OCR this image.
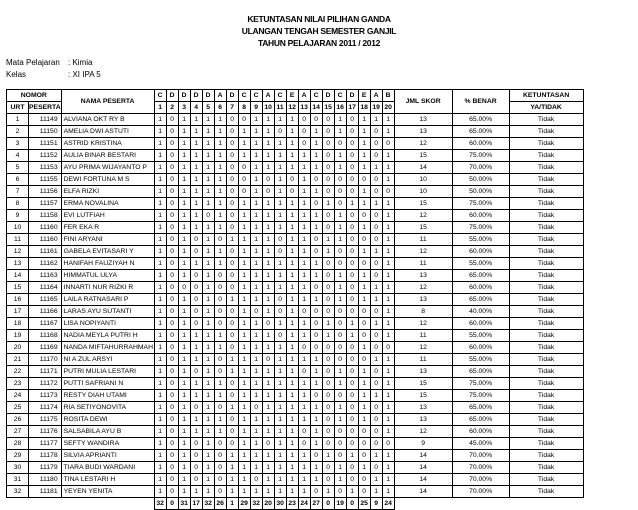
KETUNTASAN NILAI PILIHAN GANDA
ULANGAN TENGAH SEMESTER GANJIL
TAHUN PELAJARAN 2011 / 2012
Mata Pelajaran : Kimia
Kelas	: XI IPA 5
NOMOR		NAMA PESERTA	C	D	D	D	D	A	D	C	C	A	C	E	A	C	D	C	D	E	A	B	JML SKOR	% BENAR	KETUNTASAN
URT	PESERTA		1	2	3	4	5	6	7	8	9	10	11	12	13	14	15	16	17	18	19	20			YA/TIDAK
1	11149	ALVIANA OKT RY B	1	0	1	1	1	1	0	0	1	1	1	1	0	0	0	1	0	1	1	1	13	65.00%	Tidak
2	11150	AMELIA DWI ASTUTI	1	0	1	1	1	1	0	1	1	1	0	1	0	1	0	1	0	1	0	1	13	65.00%	Tidak
3	11151	ASTRID KRISTINA	1	0	1	1	1	1	0	1	1	1	1	1	0	1	0	0	0	1	0	0	12	60.00%	Tidak
4	11152	AULIA BINAR BESTARI	1	0	1	1	1	1	0	1	1	1	1	1	1	1	0	1	0	1	0	1	15	75.00%	Tidak
5	11153	AYU PRIMA WIJAYANTO P	1	0	1	1	1	1	0	0	1	1	1	1	1	1	0	1	0	1	1	1	14	70.00%	Tidak
6	11155	DEWI FORTUNA M S	1	0	1	1	1	1	0	0	1	0	1	0	1	0	0	0	0	0	0	1	10	50.00%	Tidak
7	11156	ELFA RIZKI	1	0	1	1	1	1	0	0	1	0	1	0	1	1	0	0	0	1	0	0	10	50.00%	Tidak
8	11157	ERMA NOVALINA	1	0	1	1	1	1	0	1	1	1	1	1	1	0	1	0	1	1	1	1	15	75.00%	Tidak
9	11158	EVI LUTFIAH	1	0	1	1	0	1	0	1	1	1	1	1	1	1	0	1	0	0	0	1	12	60.00%	Tidak
10	11160	FER EKA R	1	0	1	1	1	1	0	1	1	1	1	1	1	1	0	1	0	1	0	1	15	75.00%	Tidak
11	11160	FINI ARYANI	1	0	1	0	1	0	1	1	1	1	0	1	1	0	1	1	0	0	0	1	11	55.00%	Tidak
12	11161	GABELA EVITASARI Y	1	0	1	0	1	1	0	1	1	1	0	1	1	0	1	0	0	1	1	1	12	60.00%	Tidak
13	11162	HANIFAH FAUZIYAH N	1	0	1	1	1	1	0	1	1	1	1	1	1	1	0	0	0	0	0	1	11	55.00%	Tidak
14	11163	HIMMATUL ULYA	1	0	1	0	1	0	0	1	1	1	1	1	1	1	0	1	0	1	0	1	13	65.00%	Tidak
15	11164	INNARTI NUR RIZKI R	1	0	0	0	1	0	0	1	1	1	1	1	1	0	0	1	0	1	1	1	12	60.00%	Tidak
16	11165	LAILA RATNASARI P	1	0	1	0	1	0	1	1	1	1	0	1	1	1	0	1	0	1	1	1	13	65.00%	Tidak
17	11166	LARAS AYU SUTANTI	1	0	1	0	1	0	0	1	0	1	0	1	0	0	0	0	0	0	0	1	8	40.00%	Tidak
18	11167	LISA NOPIYANTI	1	0	1	0	1	0	0	1	1	0	1	1	1	0	1	0	1	0	1	1	12	60.00%	Tidak
19	11168	NADIA MEYLA PUTRI H	1	0	1	1	1	1	0	1	1	1	0	1	1	0	1	0	1	0	0	1	11	55.00%	Tidak
20	11169	NANDA MIFTAHURRAHMAH	1	0	1	1	1	1	0	1	1	1	1	1	0	0	0	0	0	1	0	0	12	60.00%	Tidak
21	11170	NI A ZUL ARSYI	1	0	1	1	1	0	1	1	1	0	1	1	1	1	0	0	0	0	1	1	11	55.00%	Tidak
22	11171	PUTRI MULIA LESTARI	1	0	1	0	1	0	1	1	1	1	1	1	0	1	0	1	0	1	0	1	13	65.00%	Tidak
23	11172	PUTTI SAFRIANI N	1	0	1	1	1	1	0	1	1	1	1	1	1	1	0	1	0	1	0	1	15	75.00%	Tidak
24	11173	RESTY DIAH UTAMI	1	0	1	1	1	1	0	1	1	1	1	1	1	0	0	0	0	1	1	1	15	75.00%	Tidak
25	11174	RIA SETIYONOVITA	1	0	1	0	1	0	1	1	0	1	1	1	1	1	0	1	0	1	0	1	13	65.00%	Tidak
26	11175	ROSITA DEWI	1	0	1	1	1	1	0	1	1	1	1	1	1	1	0	1	0	1	0	1	13	65.00%	Tidak
27	11176	SALSABILA AYU B	1	0	1	1	1	1	0	1	1	1	1	1	0	1	0	0	0	0	0	1	12	60.00%	Tidak
28	11177	SEFTY WANDIRA	1	0	1	0	1	0	0	1	1	0	1	1	0	1	0	0	0	0	0	0	9	45.00%	Tidak
29	11178	SILVIA APRIANTI	1	0	1	0	1	0	1	1	1	1	1	1	1	0	1	0	1	0	1	1	14	70.00%	Tidak
30	11179	TIARA BUDI WARDANI	1	0	1	0	1	0	1	1	1	1	1	1	1	1	0	1	0	1	0	1	14	70.00%	Tidak
31	11180	TINA LESTARI H	1	0	1	0	1	0	1	1	0	1	1	1	1	1	0	1	0	0	1	1	14	70.00%	Tidak
32	11181	YEYEN YENITA	1	0	1	1	1	0	1	1	1	1	1	1	1	0	1	0	1	0	1	1	14	70.00%	Tidak
			32	0	31	17	32	26	1	29	32	20	30	23	24	27	0	19	0	25	9	24			
